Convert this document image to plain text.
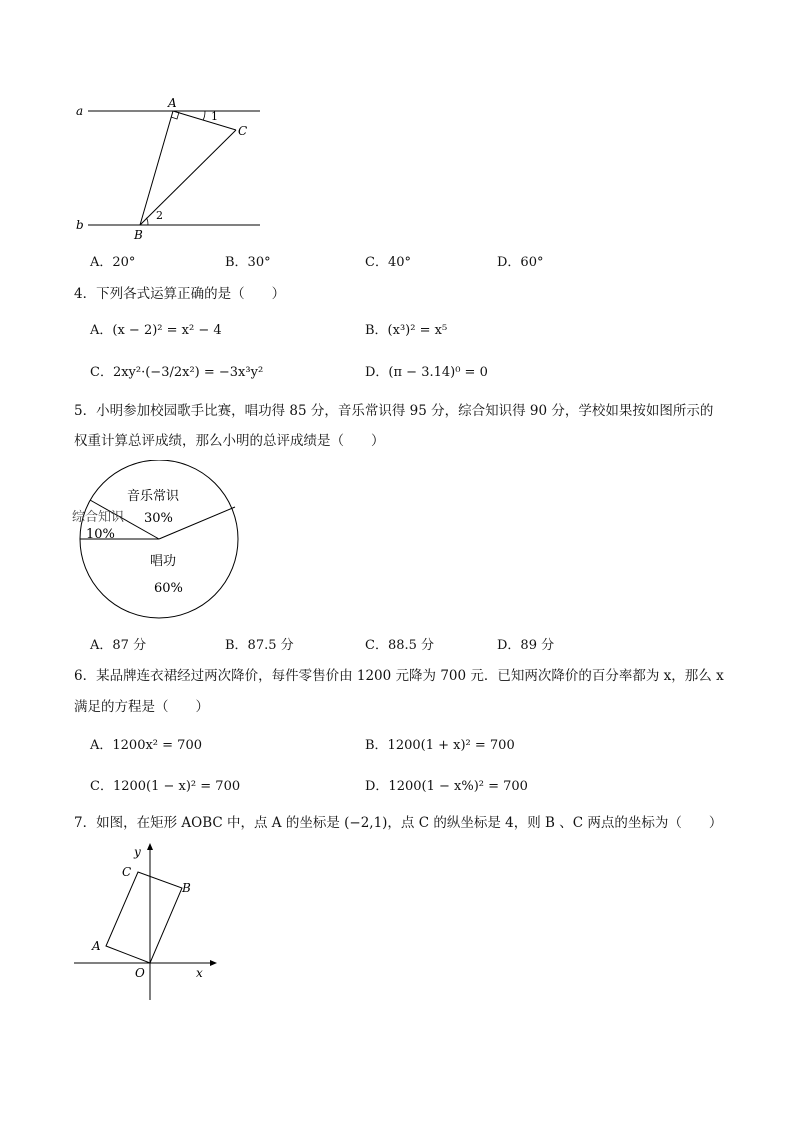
a
b
A
B
C
1
2
A．20°	B．30°	C．40°	D．60°
4．下列各式运算正确的是（　　）
A．(x − 2)² = x² − 4	B．(x³)² = x⁵
C．2xy²·(−3/2x²) = −3x³y²	D．(π − 3.14)⁰ = 0
5．小明参加校园歌手比赛，唱功得 85 分，音乐常识得 95 分，综合知识得 90 分，学校如果按如图所示的
权重计算总评成绩，那么小明的总评成绩是（　　）
音乐常识
30%
综合知识
10%
唱功
60%
A．87 分	B．87.5 分	C．88.5 分	D．89 分
6．某品牌连衣裙经过两次降价，每件零售价由 1200 元降为 700 元．已知两次降价的百分率都为 x，那么 x
满足的方程是（　　）
A．1200x² = 700	B．1200(1 + x)² = 700
C．1200(1 − x)² = 700	D．1200(1 − x%)² = 700
7．如图，在矩形 AOBC 中，点 A 的坐标是 (−2,1)，点 C 的纵坐标是 4，则 B 、C 两点的坐标为（　　）
y
x
O
A
B
C
